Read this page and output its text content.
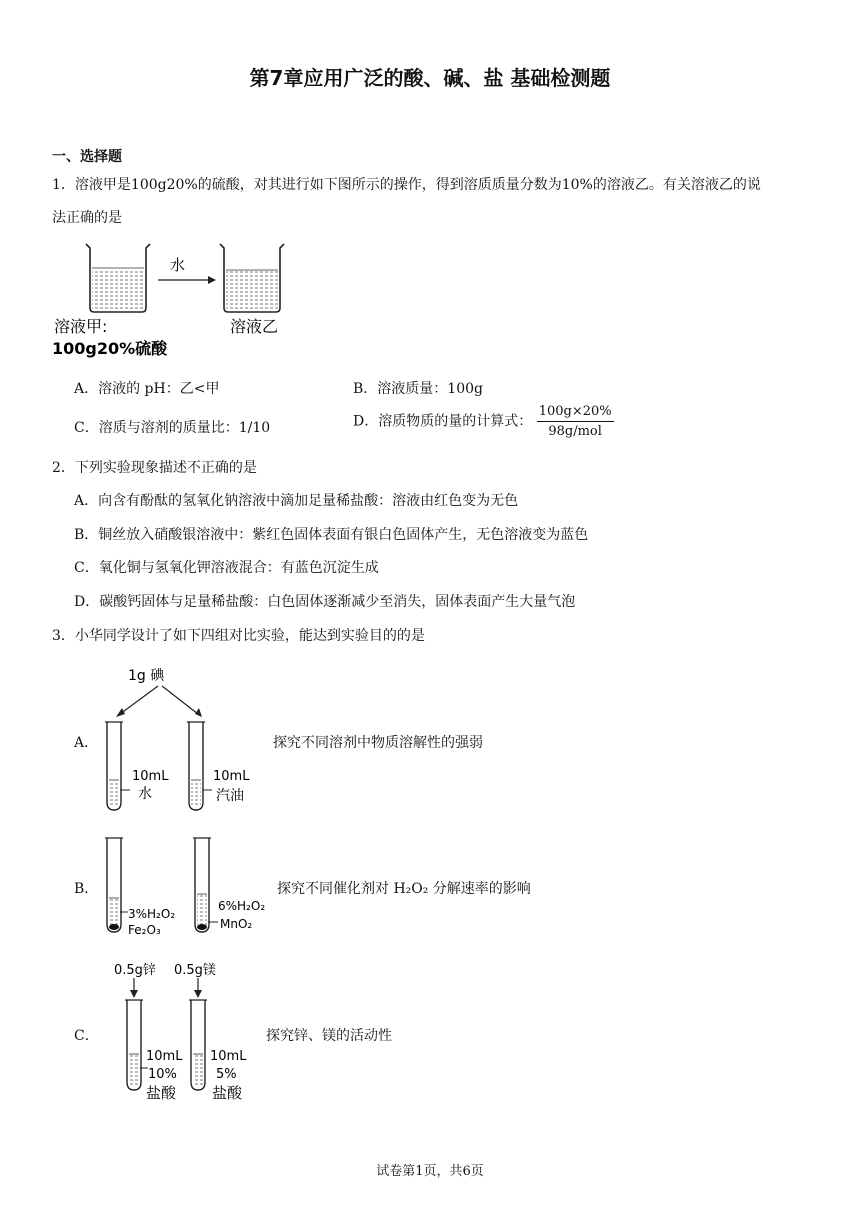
第7章应用广泛的酸、碱、盐 基础检测题
一、选择题
1．溶液甲是100g20%的硫酸，对其进行如下图所示的操作，得到溶质质量分数为10%的溶液乙。有关溶液乙的说
法正确的是
水
溶液甲:
100g20%硫酸
溶液乙
A．溶液的 pH：乙<甲	B．溶液质量：100g
C．溶质与溶剂的质量比：1/10	D．溶质物质的量的计算式： $\frac{100g\times 20\%}{\text{98g/mol}}$
2．下列实验现象描述不正确的是
A．向含有酚酞的氢氧化钠溶液中滴加足量稀盐酸：溶液由红色变为无色
B．铜丝放入硝酸银溶液中：紫红色固体表面有银白色固体产生，无色溶液变为蓝色
C．氧化铜与氢氧化钾溶液混合：有蓝色沉淀生成
D．碳酸钙固体与足量稀盐酸：白色固体逐渐减少至消失，固体表面产生大量气泡
3．小华同学设计了如下四组对比实验，能达到实验目的的是
A．
1g 碘
10mL
水
10mL
汽油
探究不同溶剂中物质溶解性的强弱
B．
3%H₂O₂
Fe₂O₃
6%H₂O₂
MnO₂
探究不同催化剂对 H₂O₂ 分解速率的影响
C．
0.5g锌 0.5g镁
10mL
10%
盐酸
10mL
5%
盐酸
探究锌、镁的活动性
试卷第1页，共6页
